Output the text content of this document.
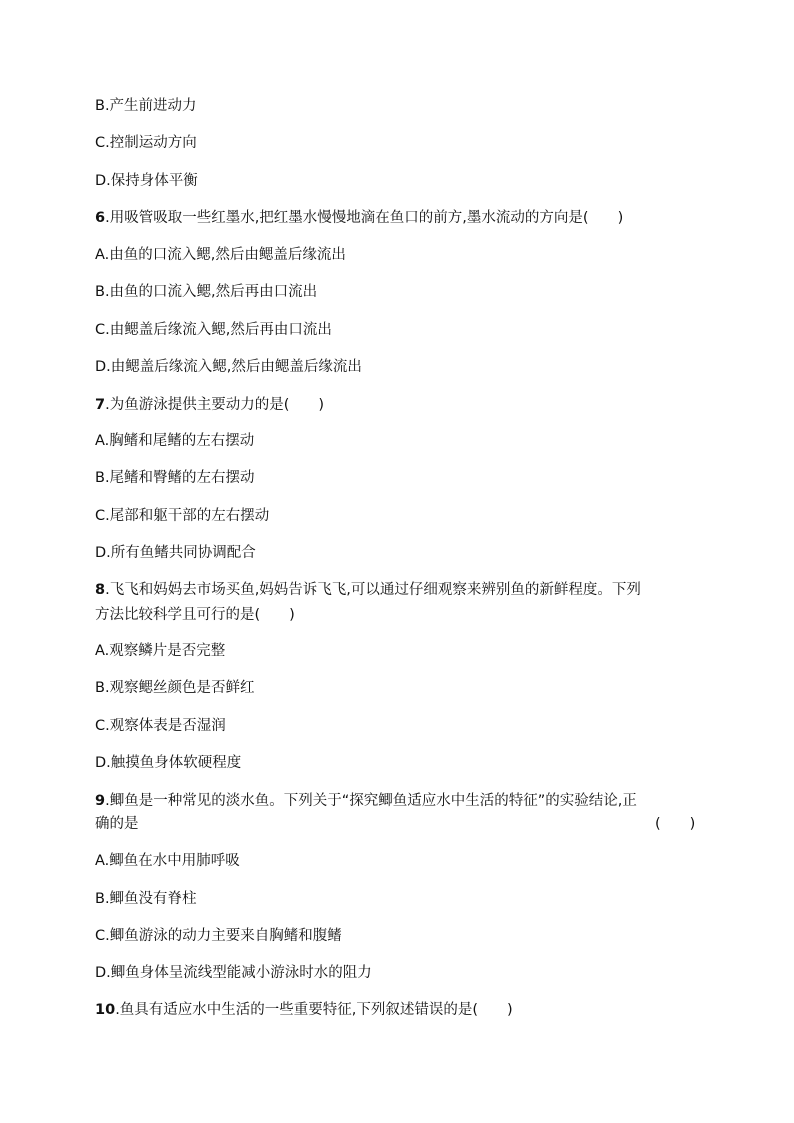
B.产生前进动力
C.控制运动方向
D.保持身体平衡
6.用吸管吸取一些红墨水,把红墨水慢慢地滴在鱼口的前方,墨水流动的方向是(　　)
A.由鱼的口流入鳃,然后由鳃盖后缘流出
B.由鱼的口流入鳃,然后再由口流出
C.由鳃盖后缘流入鳃,然后再由口流出
D.由鳃盖后缘流入鳃,然后由鳃盖后缘流出
7.为鱼游泳提供主要动力的是(　　)
A.胸鳍和尾鳍的左右摆动
B.尾鳍和臀鳍的左右摆动
C.尾部和躯干部的左右摆动
D.所有鱼鳍共同协调配合
8.飞飞和妈妈去市场买鱼,妈妈告诉飞飞,可以通过仔细观察来辨别鱼的新鲜程度。下列
方法比较科学且可行的是(　　)
A.观察鳞片是否完整
B.观察鳃丝颜色是否鲜红
C.观察体表是否湿润
D.触摸鱼身体软硬程度
9.鲫鱼是一种常见的淡水鱼。下列关于“探究鲫鱼适应水中生活的特征”的实验结论,正
确的是	(　　)
A.鲫鱼在水中用肺呼吸
B.鲫鱼没有脊柱
C.鲫鱼游泳的动力主要来自胸鳍和腹鳍
D.鲫鱼身体呈流线型能减小游泳时水的阻力
10.鱼具有适应水中生活的一些重要特征,下列叙述错误的是(　　)
